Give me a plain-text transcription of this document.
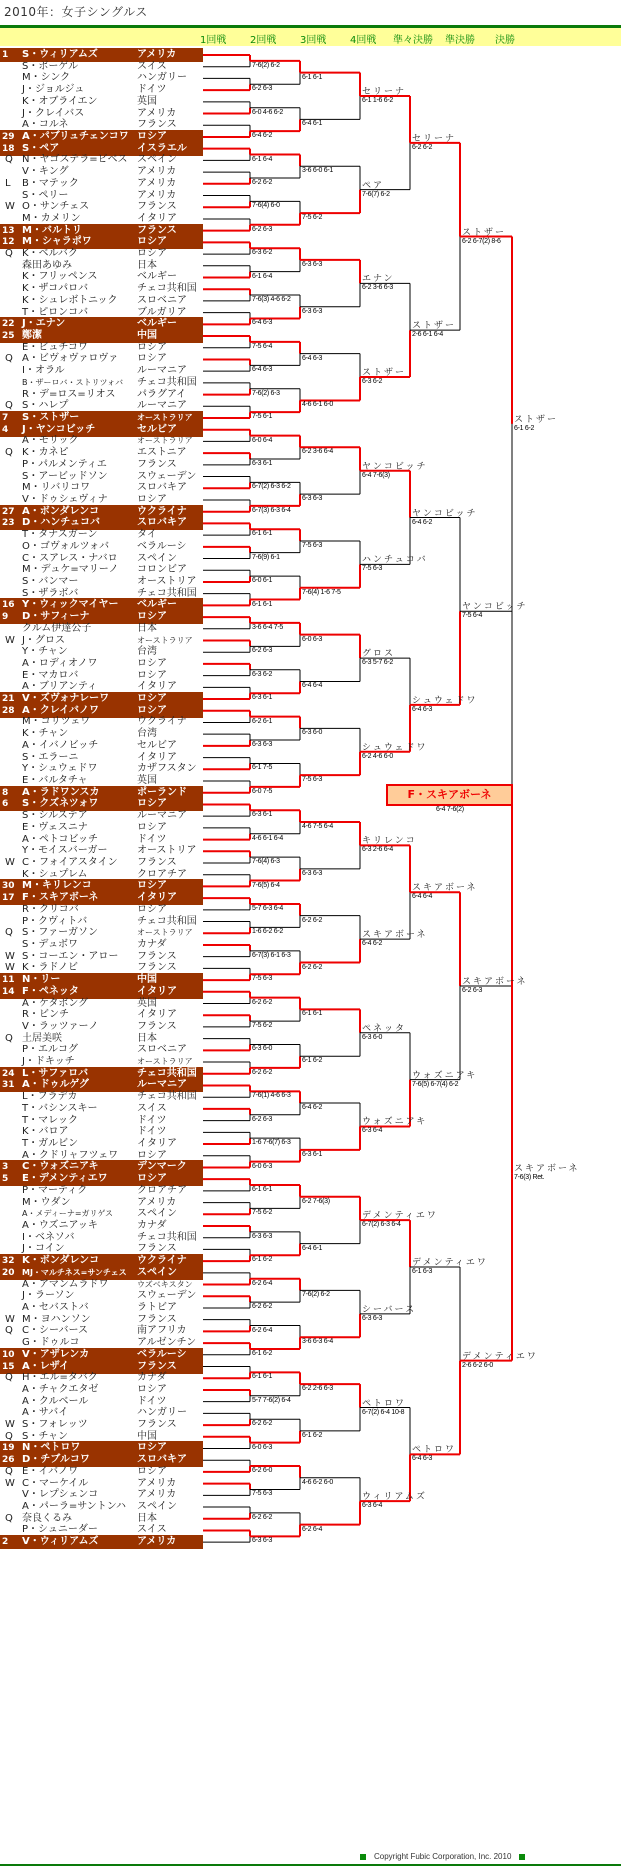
2010年：女子シングルス
1回戦 2回戦 3回戦 4回戦 準々決勝 準決勝 決勝
1	S・ウィリアムズ	アメリカ
S・ボーゲル	スイス
M・シンク	ハンガリー
J・ジョルジュ	ドイツ
K・オブライエン	英国
J・クレイバス	アメリカ
A・コルネ	フランス
29 A・パブリュチェンコワ ロシア
18 S・ペア	イスラエル
Q N・ヤゴステラ=ビベス スペイン
V・キング	アメリカ
L	B・マテック	アメリカ
S・ペリー	アメリカ
W O・サンチェス	フランス
M・カメリン	イタリア
13 M・バルトリ	フランス
12 M・シャラポワ	ロシア
Q K・ベルバク	ロシア
森田あゆみ	日本
K・フリッペンス	ベルギー
K・ザコパロバ	チェコ共和国
K・シュレボトニック スロベニア
T・ピロンコバ	ブルガリア
22 J・エナン	ベルギー
25 鄭潔	中国
E・ビュチコワ	ロシア
Q A・ビヴォヴァロヴァ ロシア
I・オラル	ルーマニア
B・ザーロバ・ストリツォバ チェコ共和国
R・デ=ロス=リオス パラグアイ
Q S・ハレプ	ルーマニア
7	S・ストザー	オーストラリア
4	J・ヤンコビッチ	セルビア
A・モリック	オーストラリア
Q K・カネピ	エストニア
P・パルメンティエ	フランス
S・アービッドソン	スウェーデン
M・リバリコワ	スロバキア
V・ドゥシェヴィナ	ロシア
27 A・ボンダレンコ	ウクライナ
23 D・ハンチュコバ	スロバキア
T・タナスガーン	タイ
O・ゴヴォルツォバ	ベラルーシ
C・スアレス・ナバロ スペイン
M・デュケ=マリーノ コロンビア
S・バンマー	オーストリア
S・ザラボバ	チェコ共和国
16 Y・ウィックマイヤー ベルギー
9	D・サフィーナ	ロシア
クルム伊達公子	日本
W J・グロス	オーストラリア
Y・チャン	台湾
A・ロディオノワ	ロシア
E・マカロバ	ロシア
A・ブリアンティ	イタリア
21 V・ズヴォナレーワ	ロシア
28 A・クレイバノワ	ロシア
M・コリツェワ	ウクライナ
K・チャン	台湾
A・イバノビッチ	セルビア
S・エラーニ	イタリア
Y・シュウェドワ	カザフスタン
E・バルタチャ	英国
8	A・ラドワンスカ	ポーランド
6	S・クズネツォワ	ロシア
S・シルステア	ルーマニア
E・ヴェスニナ	ロシア
A・ペトコビッチ	ドイツ
Y・モイスバーガー	オーストリア
W C・フォイアスタイン フランス
K・シュプレム	クロアチア
30 M・キリレンコ	ロシア
17 F・スキアボーネ	イタリア
R・クリコバ	ロシア
P・クヴィトバ	チェコ共和国
Q S・ファーガソン	オーストラリア
S・デュボワ	カナダ
W S・コーエン・アロー フランス
W K・ラドノビ	フランス
11 N・リー	中国
14 F・ペネッタ	イタリア
A・ケタボング	英国
R・ビンチ	イタリア
V・ラッツァーノ	フランス
Q 土居美咲	日本
P・エルコグ	スロベニア
J・ドキッチ	オーストラリア
24 L・サファロバ	チェコ共和国
31 A・ドゥルゲグ	ルーマニア
L・フラデカ	チェコ共和国
T・バシンスキー	スイス
T・マレック	ドイツ
K・バロア	ドイツ
T・ガルビン	イタリア
A・クドリャフツェワ ロシア
3	C・ウォズニアキ	デンマーク
5	E・デメンティエワ	ロシア
P・マーティク	クロアチア
M・ウダン	アメリカ
A・メディーナ=ガリゲス スペイン
A・ウズニアッキ	カナダ
I・ベネソバ	チェコ共和国
J・コイン	フランス
32 K・ボンダレンコ	ウクライナ
20 MJ・マルチネス=サンチェス スペイン
A・アマンムラドワ	ウズベキスタン
J・ラーソン	スウェーデン
A・セバストバ	ラトビア
W M・ヨハンソン	フランス
Q C・シーバース	南アフリカ
G・ドゥルコ	アルゼンチン
10 V・アザレンカ	ベラルーシ
15 A・レザイ	フランス
Q H・エル=タバク	カナダ
A・チャクエタゼ	ロシア
A・クルベール	ドイツ
A・サバイ	ハンガリー
W S・フォレッツ	フランス
Q S・チャン	中国
19 N・ペトロワ	ロシア
26 D・チブルコワ	スロバキア
Q E・イバノワ	ロシア
W C・マーケイル	アメリカ
V・レプシェンコ	アメリカ
A・パーラ=サントンハ スペイン
Q 奈良くるみ	日本
P・シュニーダー	スイス
2	V・ウィリアムズ	アメリカ
7-6(2) 6-2
6-2 6-3
6-0 4-6 6-2
6-4 6-2
6-1 6-4
6-2 6-2
7-6(4) 6-0
6-2 6-3
6-3 6-2
6-1 6-4
7-6(3) 4-6 6-2
6-4 6-3
7-5 6-4
6-4 6-3
7-6(2) 6-3
7-5 6-1
6-0 6-4
6-3 6-1
6-7(2) 6-3 6-2
6-7(3) 6-3 6-4
6-1 6-1
7-6(9) 6-1
6-0 6-1
6-1 6-1
3-6 6-4 7-5
6-2 6-3
6-3 6-2
6-3 6-1
6-2 6-1
6-3 6-3
6-1 7-5
6-0 7-5
6-3 6-1
4-6 6-1 6-4
7-6(4) 6-3
7-6(5) 6-4
5-7 6-3 6-4
1-6 6-2 6-2
6-7(3) 6-1 6-3
7-5 6-3
6-2 6-2
7-5 6-2
6-3 6-0
6-2 6-2
7-6(1) 4-6 6-3
6-2 6-3
1-6 7-6(7) 6-3
6-0 6-3
6-1 6-1
7-5 6-2
6-3 6-3
6-1 6-2
6-2 6-4
6-2 6-2
6-2 6-4
6-1 6-2
6-1 6-1
5-7 7-6(2) 6-4
6-2 6-2
6-0 6-3
6-2 6-0
7-5 6-3
6-2 6-2
6-3 6-3
6-1 6-1
6-4 6-1
3-6 6-0 6-1
7-5 6-2
6-3 6-3
6-3 6-3
6-4 6-3
4-6 6-1 6-0
6-2 3-6 6-4
6-3 6-3
7-5 6-3
7-6(4) 1-6 7-5
6-0 6-3
6-4 6-4
6-3 6-0
7-5 6-3
4-6 7-5 6-4
6-3 6-3
6-2 6-2
6-2 6-2
6-1 6-1
6-1 6-2
6-4 6-2
6-3 6-1
6-2 7-6(3)
6-4 6-1
7-6(2) 6-2
3-6 6-3 6-4
6-2 2-6 6-3
6-1 6-2
4-6 6-2 6-0
6-2 6-4
セリーナ
6-1 1-6 6-2
ペア
7-6(7) 6-2
エナン
6-2 3-6 6-3
ストザー
6-3 6-2
ヤンコビッチ
6-4 7-6(3)
ハンチュコバ
7-5 6-3
グロス
6-3 5-7 6-2
シュウェドワ
6-2 4-6 6-0
キリレンコ
6-3 2-6 6-4
スキアボーネ
6-4 6-2
ペネッタ
6-3 6-0
ウォズニアキ
6-3 6-4
デメンティエワ
6-7(2) 6-3 6-4
シーバース
6-3 6-3
ペトロワ
6-7(2) 6-4 10-8
ウィリアムズ
6-3 6-4
セリーナ
6-2 6-2
ストザー
2-6 6-1 6-4
ヤンコビッチ
6-4 6-2
シュウェドワ
6-4 6-3
スキアボーネ
6-4 6-4
ウォズニアキ
7-6(5) 6-7(4) 6-2
デメンティエワ
6-1 6-3
ペトロワ
6-4 6-3
ストザー
6-2 6-7(2) 8-6
ヤンコビッチ
7-5 6-4
スキアボーネ
6-2 6-3
デメンティエワ
2-6 6-2 6-0
ストザー
6-1 6-2
スキアボーネ
7-6(3) Ret.
F・スキアボーネ
6-4 7-6(2)
Copyright Fubic Corporation, Inc. 2010
